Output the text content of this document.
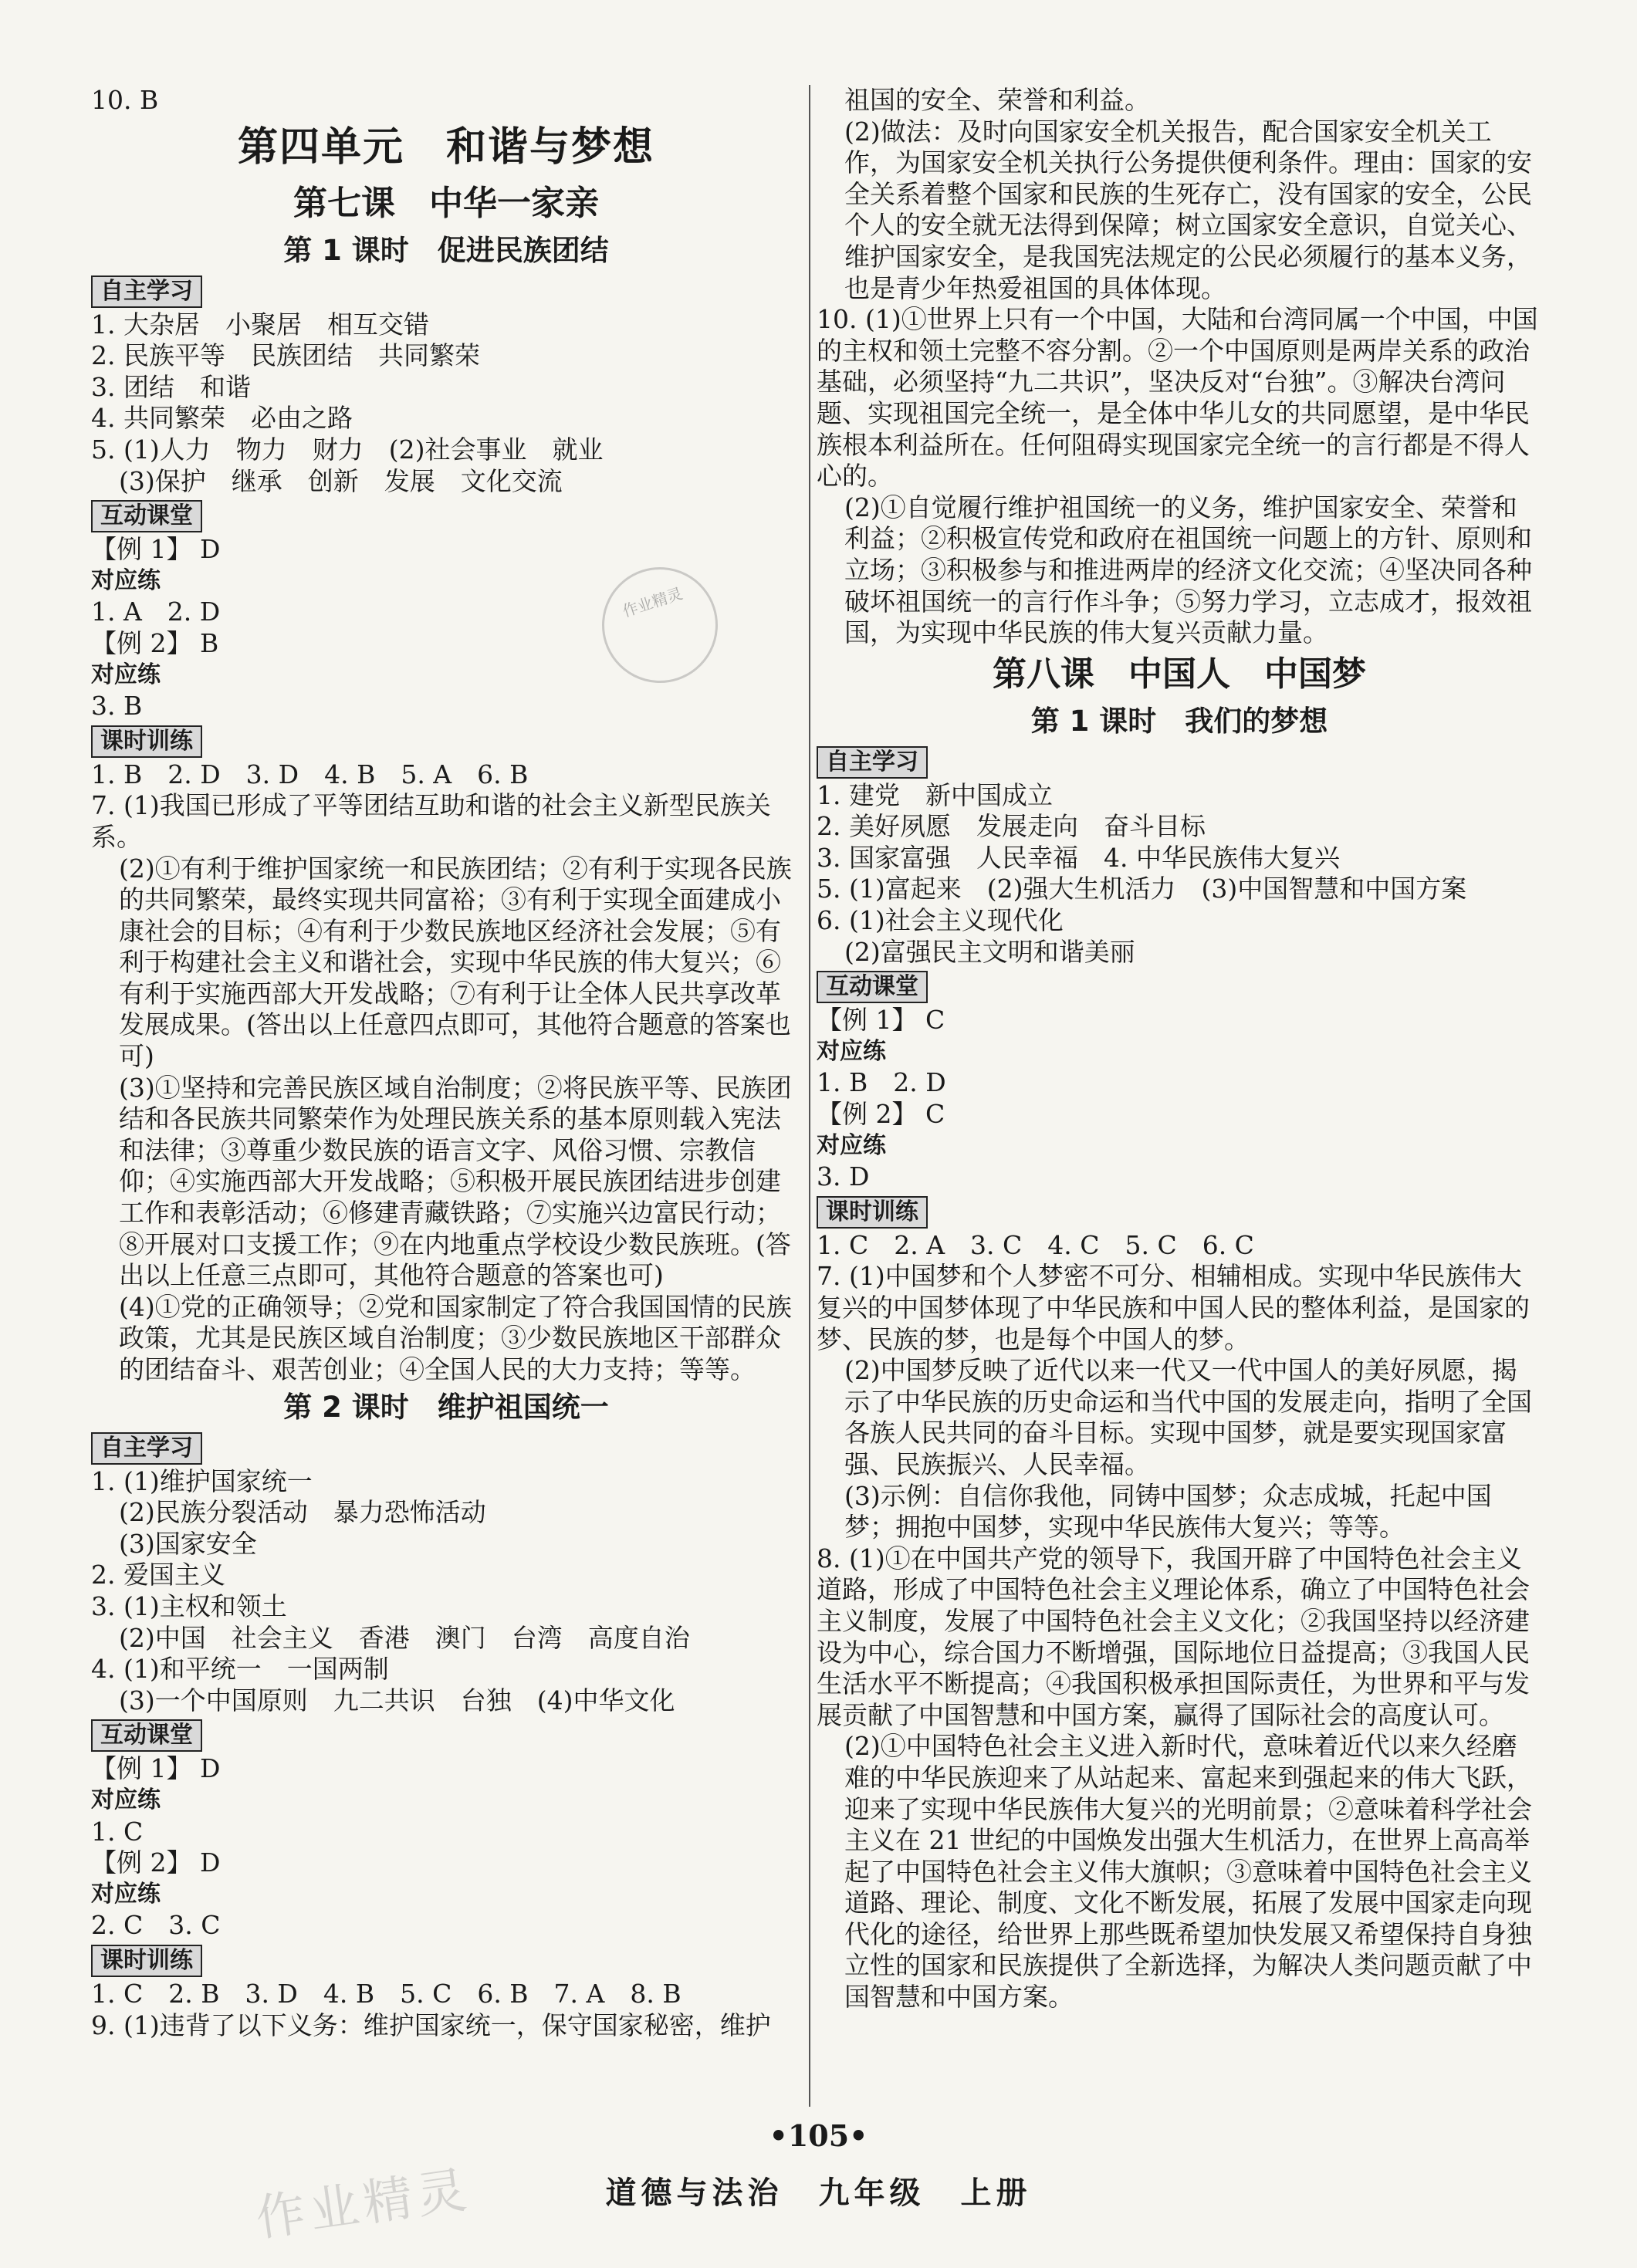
10. B
第四单元　和谐与梦想
第七课　中华一家亲
第 1 课时　促进民族团结
自主学习
1. 大杂居　小聚居　相互交错
2. 民族平等　民族团结　共同繁荣
3. 团结　和谐
4. 共同繁荣　必由之路
5. (1)人力　物力　财力　(2)社会事业　就业
(3)保护　继承　创新　发展　文化交流
互动课堂
【例 1】 D
对应练
1. A　2. D
【例 2】 B
对应练
3. B
课时训练
1. B　2. D　3. D　4. B　5. A　6. B
7. (1)我国已形成了平等团结互助和谐的社会主义新型民族关系。
(2)①有利于维护国家统一和民族团结；②有利于实现各民族的共同繁荣，最终实现共同富裕；③有利于实现全面建成小康社会的目标；④有利于少数民族地区经济社会发展；⑤有利于构建社会主义和谐社会，实现中华民族的伟大复兴；⑥有利于实施西部大开发战略；⑦有利于让全体人民共享改革发展成果。(答出以上任意四点即可，其他符合题意的答案也可)
(3)①坚持和完善民族区域自治制度；②将民族平等、民族团结和各民族共同繁荣作为处理民族关系的基本原则载入宪法和法律；③尊重少数民族的语言文字、风俗习惯、宗教信仰；④实施西部大开发战略；⑤积极开展民族团结进步创建工作和表彰活动；⑥修建青藏铁路；⑦实施兴边富民行动；⑧开展对口支援工作；⑨在内地重点学校设少数民族班。(答出以上任意三点即可，其他符合题意的答案也可)
(4)①党的正确领导；②党和国家制定了符合我国国情的民族政策，尤其是民族区域自治制度；③少数民族地区干部群众的团结奋斗、艰苦创业；④全国人民的大力支持；等等。
第 2 课时　维护祖国统一
自主学习
1. (1)维护国家统一
(2)民族分裂活动　暴力恐怖活动
(3)国家安全
2. 爱国主义
3. (1)主权和领土
(2)中国　社会主义　香港　澳门　台湾　高度自治
4. (1)和平统一　一国两制
(3)一个中国原则　九二共识　台独　(4)中华文化
互动课堂
【例 1】 D
对应练
1. C
【例 2】 D
对应练
2. C　3. C
课时训练
1. C　2. B　3. D　4. B　5. C　6. B　7. A　8. B
9. (1)违背了以下义务：维护国家统一，保守国家秘密，维护
祖国的安全、荣誉和利益。
(2)做法：及时向国家安全机关报告，配合国家安全机关工作，为国家安全机关执行公务提供便利条件。理由：国家的安全关系着整个国家和民族的生死存亡，没有国家的安全，公民个人的安全就无法得到保障；树立国家安全意识，自觉关心、维护国家安全，是我国宪法规定的公民必须履行的基本义务，也是青少年热爱祖国的具体体现。
10. (1)①世界上只有一个中国，大陆和台湾同属一个中国，中国的主权和领土完整不容分割。②一个中国原则是两岸关系的政治基础，必须坚持“九二共识”，坚决反对“台独”。③解决台湾问题、实现祖国完全统一，是全体中华儿女的共同愿望，是中华民族根本利益所在。任何阻碍实现国家完全统一的言行都是不得人心的。
(2)①自觉履行维护祖国统一的义务，维护国家安全、荣誉和利益；②积极宣传党和政府在祖国统一问题上的方针、原则和立场；③积极参与和推进两岸的经济文化交流；④坚决同各种破坏祖国统一的言行作斗争；⑤努力学习，立志成才，报效祖国，为实现中华民族的伟大复兴贡献力量。
第八课　中国人　中国梦
第 1 课时　我们的梦想
自主学习
1. 建党　新中国成立
2. 美好夙愿　发展走向　奋斗目标
3. 国家富强　人民幸福　4. 中华民族伟大复兴
5. (1)富起来　(2)强大生机活力　(3)中国智慧和中国方案
6. (1)社会主义现代化
(2)富强民主文明和谐美丽
互动课堂
【例 1】 C
对应练
1. B　2. D
【例 2】 C
对应练
3. D
课时训练
1. C　2. A　3. C　4. C　5. C　6. C
7. (1)中国梦和个人梦密不可分、相辅相成。实现中华民族伟大复兴的中国梦体现了中华民族和中国人民的整体利益，是国家的梦、民族的梦，也是每个中国人的梦。
(2)中国梦反映了近代以来一代又一代中国人的美好夙愿，揭示了中华民族的历史命运和当代中国的发展走向，指明了全国各族人民共同的奋斗目标。实现中国梦，就是要实现国家富强、民族振兴、人民幸福。
(3)示例：自信你我他，同铸中国梦；众志成城，托起中国梦；拥抱中国梦，实现中华民族伟大复兴；等等。
8. (1)①在中国共产党的领导下，我国开辟了中国特色社会主义道路，形成了中国特色社会主义理论体系，确立了中国特色社会主义制度，发展了中国特色社会主义文化；②我国坚持以经济建设为中心，综合国力不断增强，国际地位日益提高；③我国人民生活水平不断提高；④我国积极承担国际责任，为世界和平与发展贡献了中国智慧和中国方案，赢得了国际社会的高度认可。
(2)①中国特色社会主义进入新时代，意味着近代以来久经磨难的中华民族迎来了从站起来、富起来到强起来的伟大飞跃，迎来了实现中华民族伟大复兴的光明前景；②意味着科学社会主义在 21 世纪的中国焕发出强大生机活力，在世界上高高举起了中国特色社会主义伟大旗帜；③意味着中国特色社会主义道路、理论、制度、文化不断发展，拓展了发展中国家走向现代化的途径，给世界上那些既希望加快发展又希望保持自身独立性的国家和民族提供了全新选择，为解决人类问题贡献了中国智慧和中国方案。
作业精灵
•105•
道德与法治　九年级　上册
作业精灵
